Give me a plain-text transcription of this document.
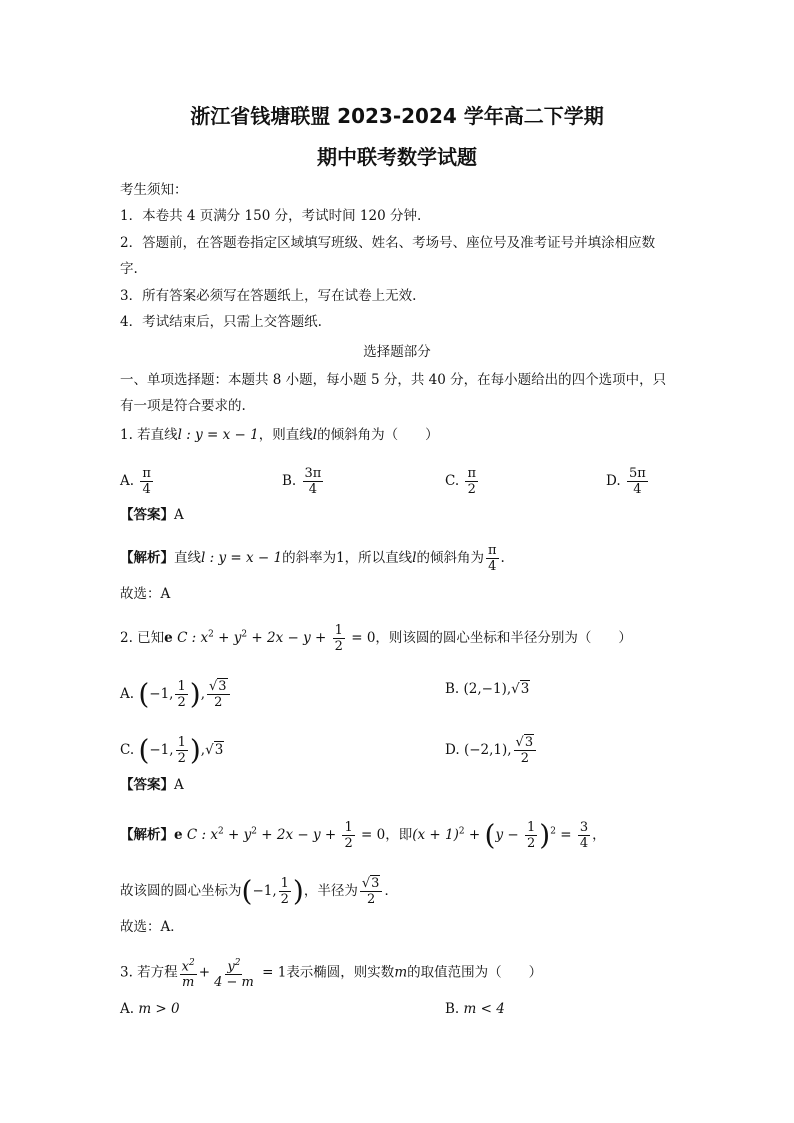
浙江省钱塘联盟 2023-2024 学年高二下学期
期中联考数学试题
考生须知：
1．本卷共 4 页满分 150 分，考试时间 120 分钟.
2．答题前，在答题卷指定区域填写班级、姓名、考场号、座位号及准考证号并填涂相应数
字.
3．所有答案必须写在答题纸上，写在试卷上无效.
4．考试结束后，只需上交答题纸.
选择题部分
一、单项选择题：本题共 8 小题，每小题 5 分，共 40 分，在每小题给出的四个选项中，只
有一项是符合要求的.
1. 若直线l : y = x − 1，则直线l的倾斜角为（　　）
A. $\frac{\pi}{4}$	B. $\frac{3\pi}{4}$	C. $\frac{\pi}{2}$	D. $\frac{5\pi}{4}$
【答案】A
【解析】直线l : y = x − 1的斜率为1，所以直线l的倾斜角为 $\frac{\pi}{4}$ .
故选：A
2. 已知e C : $x^2 + y^2 + 2x - y + \frac{1}{2} = 0$，则该圆的圆心坐标和半径分别为（　　）
A. (−1, $\frac{1}{2}$ ), $\frac{√3}{2}$	B. (2,−1),√3
C. (−1, $\frac{1}{2} ),√3$	D. (−2,1), $\frac{√3}{2}$
【答案】A
【解析】e C : $x^2 + y^2 + 2x - y + \frac{1}{2} = 0$，即$(x + 1)^2 + (y - \frac{1}{2} )^2 = \frac{3}{4}$ ，
故该圆的圆心坐标为(−1, $\frac{1}{2}$ )，半径为 $\frac{√3}{2}$ ．
故选：A．
3. 若方程 $\frac{x^2}{m} + \frac{y^2}{4 - m} = 1$表示椭圆，则实数m的取值范围为（　　）
A. m > 0	B. m < 4
